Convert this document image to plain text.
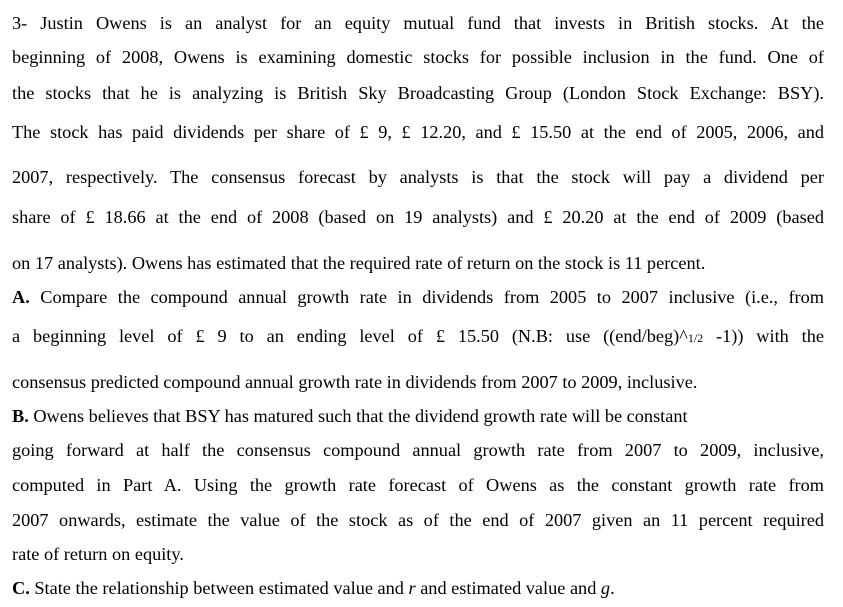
3- Justin Owens is an analyst for an equity mutual fund that invests in British stocks. At the
beginning of 2008, Owens is examining domestic stocks for possible inclusion in the fund. One of
the stocks that he is analyzing is British Sky Broadcasting Group (London Stock Exchange: BSY).
The stock has paid dividends per share of £ 9, £ 12.20, and £ 15.50 at the end of 2005, 2006, and
2007, respectively. The consensus forecast by analysts is that the stock will pay a dividend per
share of £ 18.66 at the end of 2008 (based on 19 analysts) and £ 20.20 at the end of 2009 (based
on 17 analysts). Owens has estimated that the required rate of return on the stock is 11 percent.
A. Compare the compound annual growth rate in dividends from 2005 to 2007 inclusive (i.e., from
a beginning level of £ 9 to an ending level of £ 15.50 (N.B: use ((end/beg)^1/2 -1)) with the
consensus predicted compound annual growth rate in dividends from 2007 to 2009, inclusive.
B. Owens believes that BSY has matured such that the dividend growth rate will be constant
going forward at half the consensus compound annual growth rate from 2007 to 2009, inclusive,
computed in Part A. Using the growth rate forecast of Owens as the constant growth rate from
2007 onwards, estimate the value of the stock as of the end of 2007 given an 11 percent required
rate of return on equity.
C. State the relationship between estimated value and r and estimated value and g.
